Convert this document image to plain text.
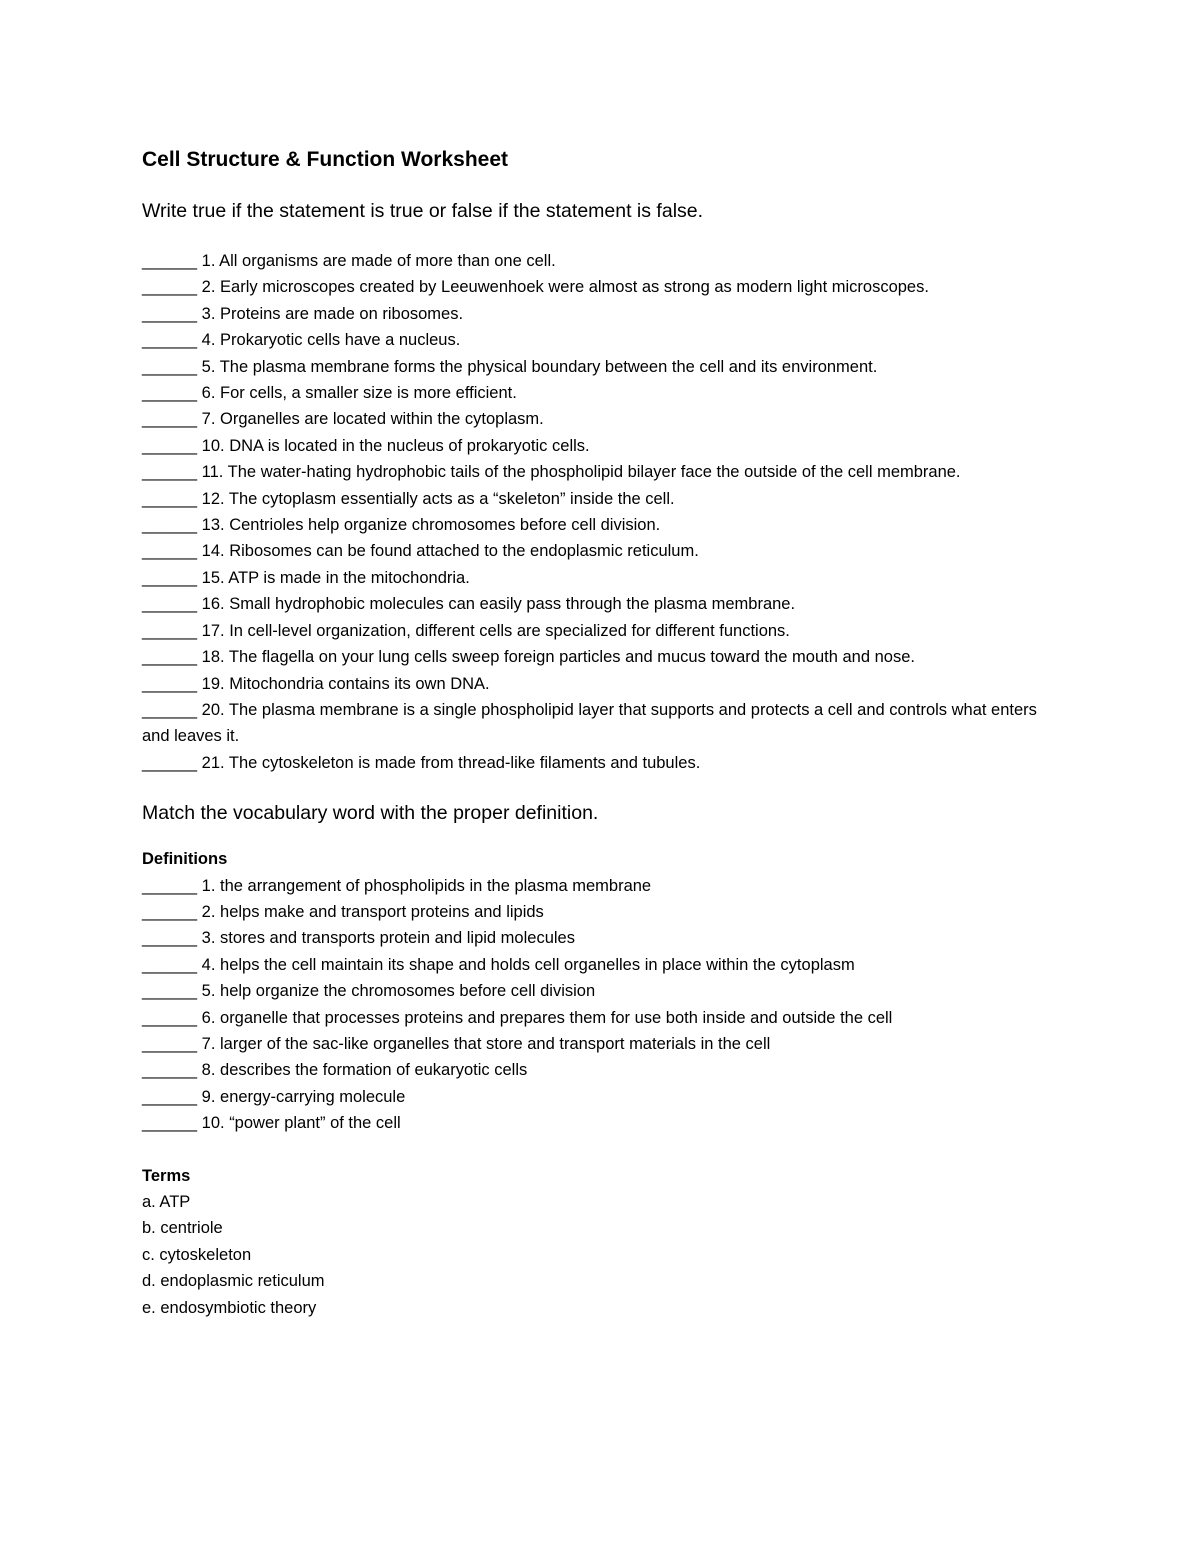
Cell Structure & Function Worksheet

Write true if the statement is true or false if the statement is false.

______ 1. All organisms are made of more than one cell.
______ 2. Early microscopes created by Leeuwenhoek were almost as strong as modern light microscopes.
______ 3. Proteins are made on ribosomes.
______ 4. Prokaryotic cells have a nucleus.
______ 5. The plasma membrane forms the physical boundary between the cell and its environment.
______ 6. For cells, a smaller size is more efficient.
______ 7. Organelles are located within the cytoplasm.
______ 10. DNA is located in the nucleus of prokaryotic cells.
______ 11. The water-hating hydrophobic tails of the phospholipid bilayer face the outside of the cell membrane.
______ 12. The cytoplasm essentially acts as a “skeleton” inside the cell.
______ 13. Centrioles help organize chromosomes before cell division.
______ 14. Ribosomes can be found attached to the endoplasmic reticulum.
______ 15. ATP is made in the mitochondria.
______ 16. Small hydrophobic molecules can easily pass through the plasma membrane.
______ 17. In cell-level organization, different cells are specialized for different functions.
______ 18. The flagella on your lung cells sweep foreign particles and mucus toward the mouth and nose.
______ 19. Mitochondria contains its own DNA.
______ 20. The plasma membrane is a single phospholipid layer that supports and protects a cell and controls what enters and leaves it.
______ 21. The cytoskeleton is made from thread-like filaments and tubules.

Match the vocabulary word with the proper definition.

Definitions
______ 1. the arrangement of phospholipids in the plasma membrane
______ 2. helps make and transport proteins and lipids
______ 3. stores and transports protein and lipid molecules
______ 4. helps the cell maintain its shape and holds cell organelles in place within the cytoplasm
______ 5. help organize the chromosomes before cell division
______ 6. organelle that processes proteins and prepares them for use both inside and outside the cell
______ 7. larger of the sac-like organelles that store and transport materials in the cell
______ 8. describes the formation of eukaryotic cells
______ 9. energy-carrying molecule
______ 10. “power plant” of the cell
Terms
a. ATP
b. centriole
c. cytoskeleton
d. endoplasmic reticulum
e. endosymbiotic theory
